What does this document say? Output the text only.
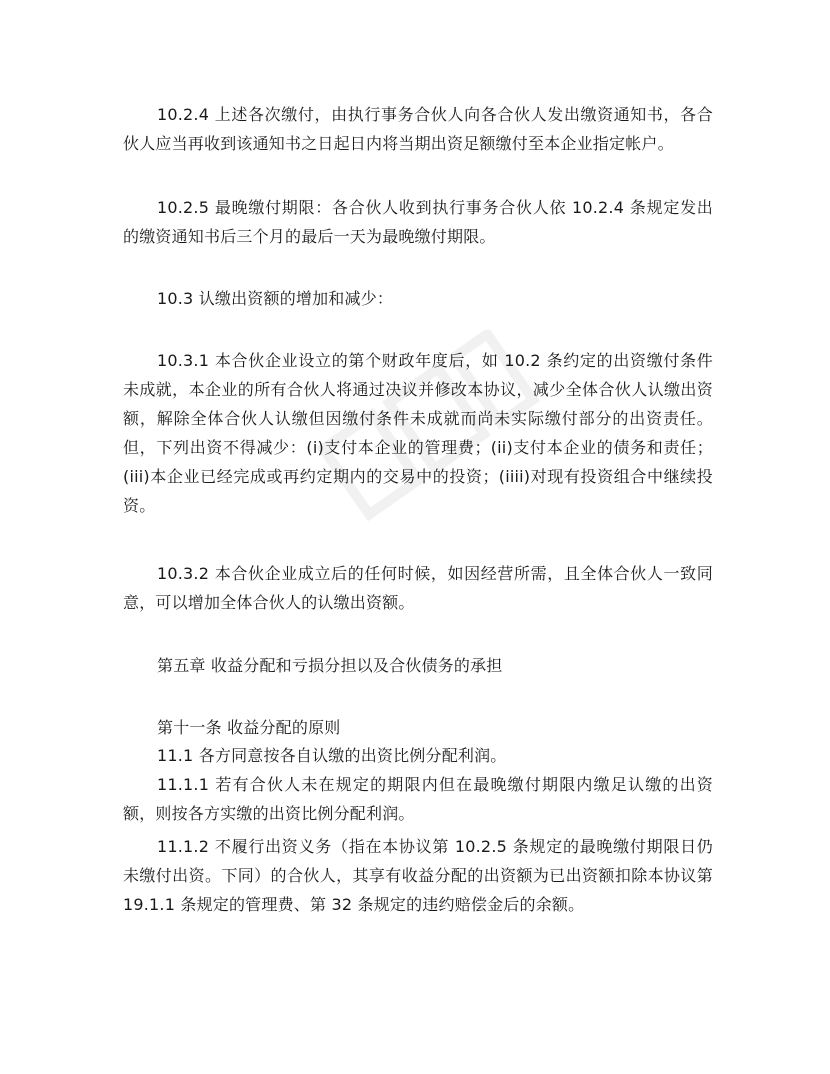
10.2.4 上述各次缴付，由执行事务合伙人向各合伙人发出缴资通知书，各合伙人应当再收到该通知书之日起日内将当期出资足额缴付至本企业指定帐户。

10.2.5 最晚缴付期限：各合伙人收到执行事务合伙人依 10.2.4 条规定发出的缴资通知书后三个月的最后一天为最晚缴付期限。

10.3 认缴出资额的增加和减少：

10.3.1 本合伙企业设立的第个财政年度后，如 10.2 条约定的出资缴付条件未成就，本企业的所有合伙人将通过决议并修改本协议，减少全体合伙人认缴出资额，解除全体合伙人认缴但因缴付条件未成就而尚未实际缴付部分的出资责任。但，下列出资不得减少：(i)支付本企业的管理费；(ii)支付本企业的债务和责任；(iii)本企业已经完成或再约定期内的交易中的投资；(iiii)对现有投资组合中继续投资。

10.3.2 本合伙企业成立后的任何时候，如因经营所需，且全体合伙人一致同意，可以增加全体合伙人的认缴出资额。

第五章 收益分配和亏损分担以及合伙债务的承担

第十一条 收益分配的原则

11.1 各方同意按各自认缴的出资比例分配利润。

11.1.1 若有合伙人未在规定的期限内但在最晚缴付期限内缴足认缴的出资额，则按各方实缴的出资比例分配利润。

11.1.2 不履行出资义务（指在本协议第 10.2.5 条规定的最晚缴付期限日仍未缴付出资。下同）的合伙人，其享有收益分配的出资额为已出资额扣除本协议第 19.1.1 条规定的管理费、第 32 条规定的违约赔偿金后的余额。
